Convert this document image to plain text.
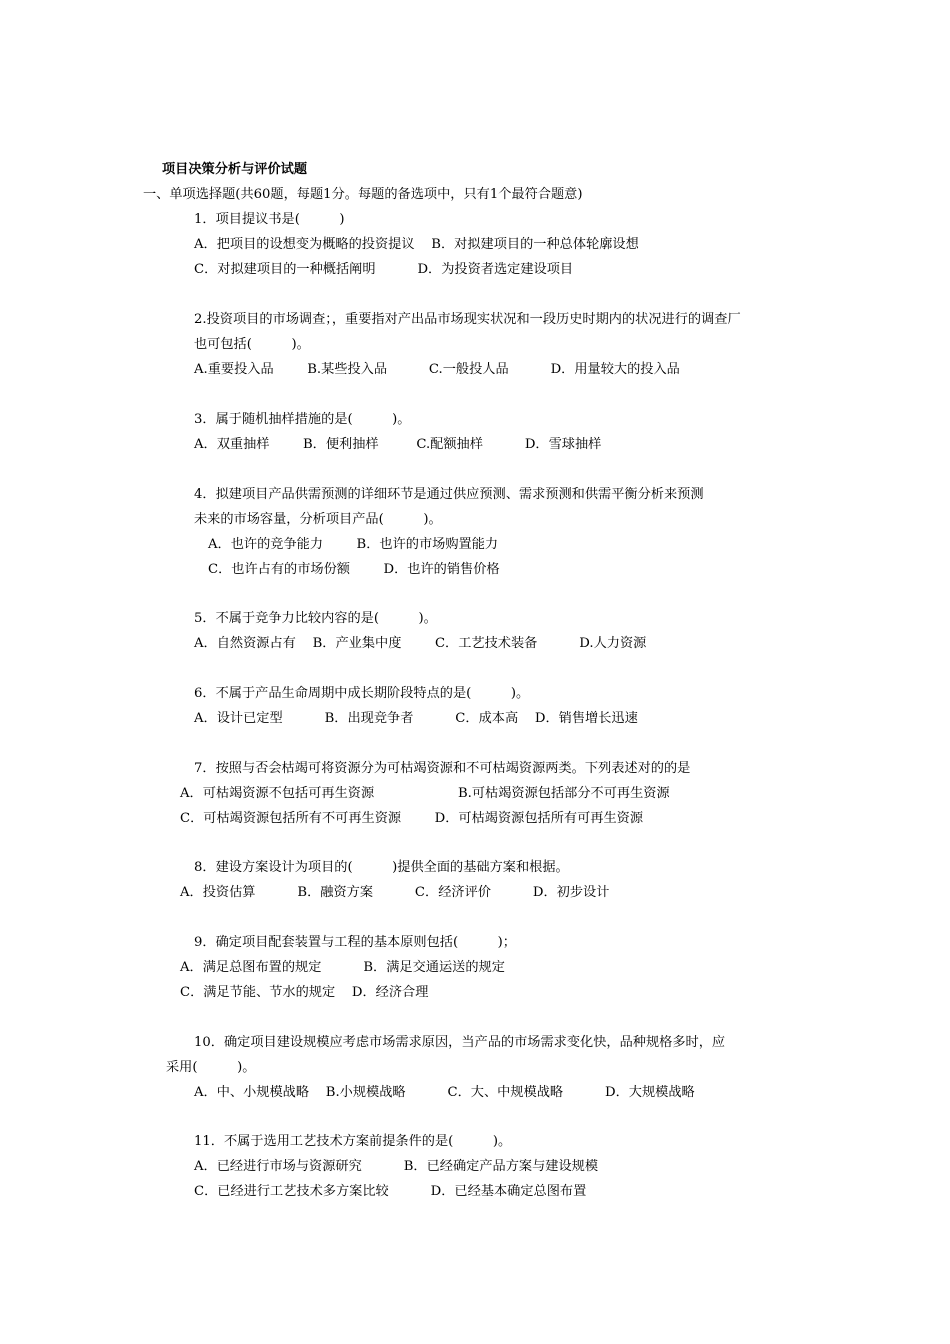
项目决策分析与评价试题
一、单项选择题(共60题，每题1分。每题的备选项中，只有1个最符合题意)
1．项目提议书是(　　　)
A．把项目的设想变为概略的投资提议    B．对拟建项目的一种总体轮廓设想
C．对拟建项目的一种概括阐明          D．为投资者选定建设项目
2.投资项目的市场调查；，重要指对产出品市场现实状况和一段历史时期内的状况进行的调查厂
也可包括(　　　)。
A.重要投入品        B.某些投入品          C.一般投人品          D．用量较大的投入品
3．属于随机抽样措施的是(　　　)。
A．双重抽样        B．便利抽样         C.配额抽样          D．雪球抽样
4．拟建项目产品供需预测的详细环节是通过供应预测、需求预测和供需平衡分析来预测
未来的市场容量，分析项目产品(　　　)。
A．也许的竞争能力        B．也许的市场购置能力
C．也许占有的市场份额        D．也许的销售价格
5．不属于竞争力比较内容的是(　　　)。
A．自然资源占有    B．产业集中度        C．工艺技术装备          D.人力资源
6．不属于产品生命周期中成长期阶段特点的是(　　　)。
A．设计已定型          B．出现竞争者          C．成本高    D．销售增长迅速
7．按照与否会枯竭可将资源分为可枯竭资源和不可枯竭资源两类。下列表述对的的是
A．可枯竭资源不包括可再生资源                    B.可枯竭资源包括部分不可再生资源
C．可枯竭资源包括所有不可再生资源        D．可枯竭资源包括所有可再生资源
8．建设方案设计为项目的(　　　)提供全面的基础方案和根据。
A．投资估算          B．融资方案          C．经济评价          D．初步设计
9．确定项目配套装置与工程的基本原则包括(　　　)；
A．满足总图布置的规定          B．满足交通运送的规定
C．满足节能、节水的规定    D．经济合理
10．确定项目建设规模应考虑市场需求原因，当产品的市场需求变化快，品种规格多时，应
采用(　　　)。
A．中、小规模战略    B.小规模战略          C．大、中规模战略          D．大规模战略
11．不属于选用工艺技术方案前提条件的是(　　　)。
A．已经进行市场与资源研究          B．已经确定产品方案与建设规模
C．已经进行工艺技术多方案比较          D．已经基本确定总图布置
